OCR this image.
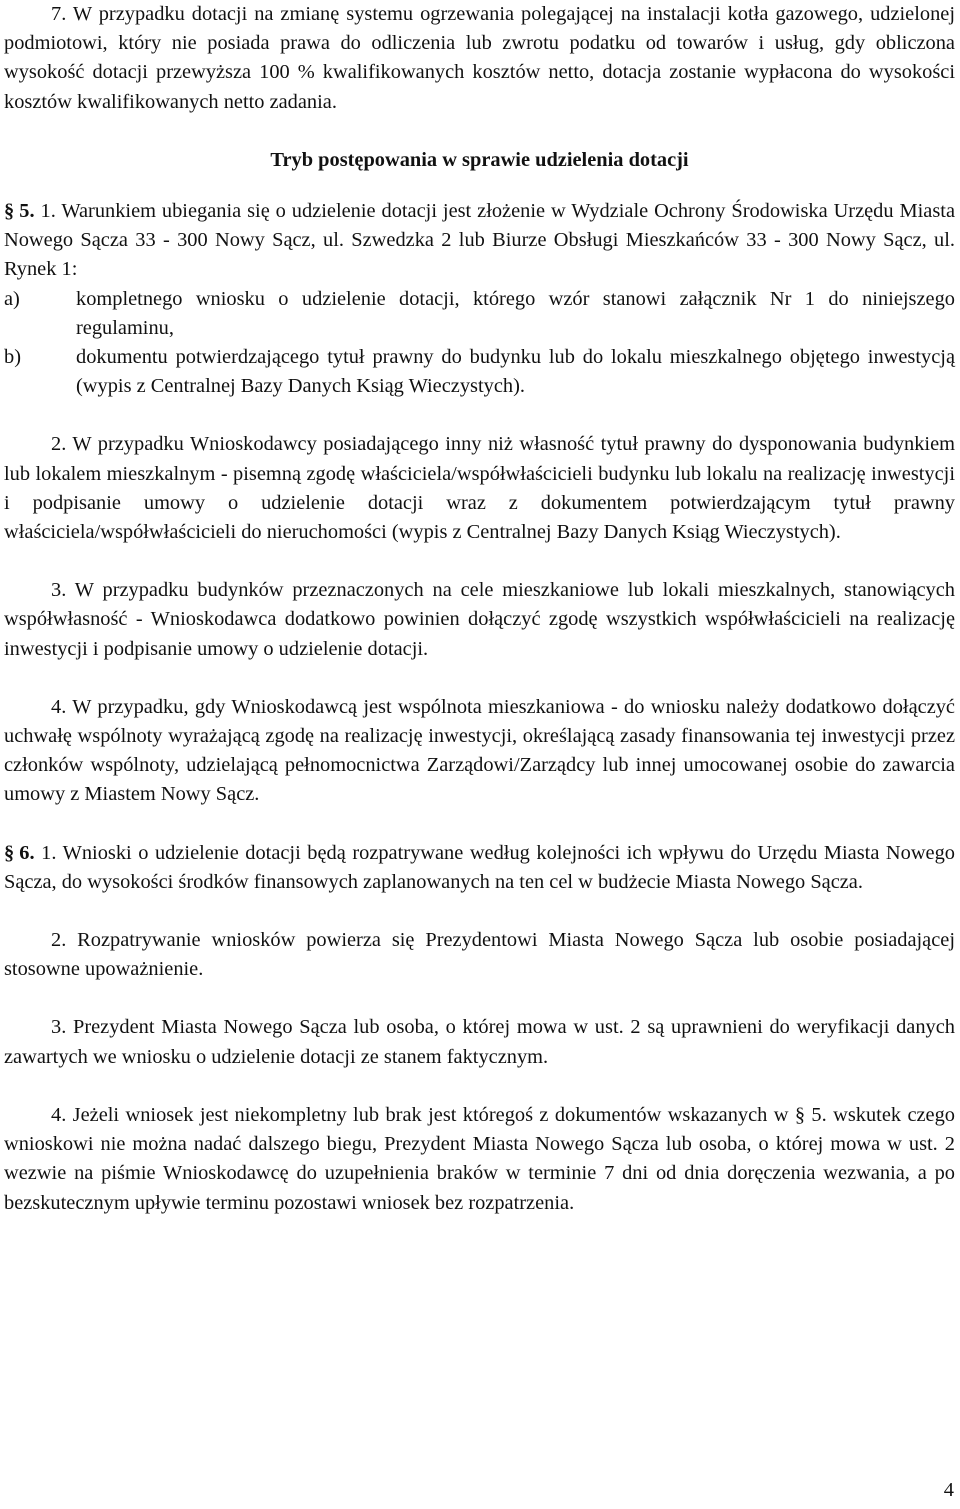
7. W przypadku dotacji na zmianę systemu ogrzewania polegającej na instalacji kotła gazowego, udzielonej podmiotowi, który nie posiada prawa do odliczenia lub zwrotu podatku od towarów i usług, gdy obliczona wysokość dotacji przewyższa 100 % kwalifikowanych kosztów netto, dotacja zostanie wypłacona do wysokości kosztów kwalifikowanych netto zadania.

Tryb postępowania w sprawie udzielenia dotacji

§ 5. 1. Warunkiem ubiegania się o udzielenie dotacji jest złożenie w Wydziale Ochrony Środowiska Urzędu Miasta Nowego Sącza 33 - 300 Nowy Sącz, ul. Szwedzka 2 lub Biurze Obsługi Mieszkańców 33 - 300 Nowy Sącz, ul. Rynek 1:

a)	kompletnego wniosku o udzielenie dotacji, którego wzór stanowi załącznik Nr 1 do niniejszego regulaminu,
b)	dokumentu potwierdzającego tytuł prawny do budynku lub do lokalu mieszkalnego objętego inwestycją (wypis z Centralnej Bazy Danych Ksiąg Wieczystych).

2. W przypadku Wnioskodawcy posiadającego inny niż własność tytuł prawny do dysponowania budynkiem lub lokalem mieszkalnym - pisemną zgodę właściciela/współwłaścicieli budynku lub lokalu na realizację inwestycji i podpisanie umowy o udzielenie dotacji wraz z dokumentem potwierdzającym tytuł prawny właściciela/współwłaścicieli do nieruchomości (wypis z Centralnej Bazy Danych Ksiąg Wieczystych).

3. W przypadku budynków przeznaczonych na cele mieszkaniowe lub lokali mieszkalnych, stanowiących współwłasność - Wnioskodawca dodatkowo powinien dołączyć zgodę wszystkich współwłaścicieli na realizację inwestycji i podpisanie umowy o udzielenie dotacji.

4. W przypadku, gdy Wnioskodawcą jest wspólnota mieszkaniowa - do wniosku należy dodatkowo dołączyć uchwałę wspólnoty wyrażającą zgodę na realizację inwestycji, określającą zasady finansowania tej inwestycji przez członków wspólnoty, udzielającą pełnomocnictwa Zarządowi/Zarządcy lub innej umocowanej osobie do zawarcia umowy z Miastem Nowy Sącz.

§ 6. 1. Wnioski o udzielenie dotacji będą rozpatrywane według kolejności ich wpływu do Urzędu Miasta Nowego Sącza, do wysokości środków finansowych zaplanowanych na ten cel w budżecie Miasta Nowego Sącza.

2. Rozpatrywanie wniosków powierza się Prezydentowi Miasta Nowego Sącza lub osobie posiadającej stosowne upoważnienie.

3. Prezydent Miasta Nowego Sącza lub osoba, o której mowa w ust. 2 są uprawnieni do weryfikacji danych zawartych we wniosku o udzielenie dotacji ze stanem faktycznym.

4. Jeżeli wniosek jest niekompletny lub brak jest któregoś z dokumentów wskazanych w § 5. wskutek czego wnioskowi nie można nadać dalszego biegu, Prezydent Miasta Nowego Sącza lub osoba, o której mowa w ust. 2 wezwie na piśmie Wnioskodawcę do uzupełnienia braków w terminie 7 dni od dnia doręczenia wezwania, a po bezskutecznym upływie terminu pozostawi wniosek bez rozpatrzenia.

4
